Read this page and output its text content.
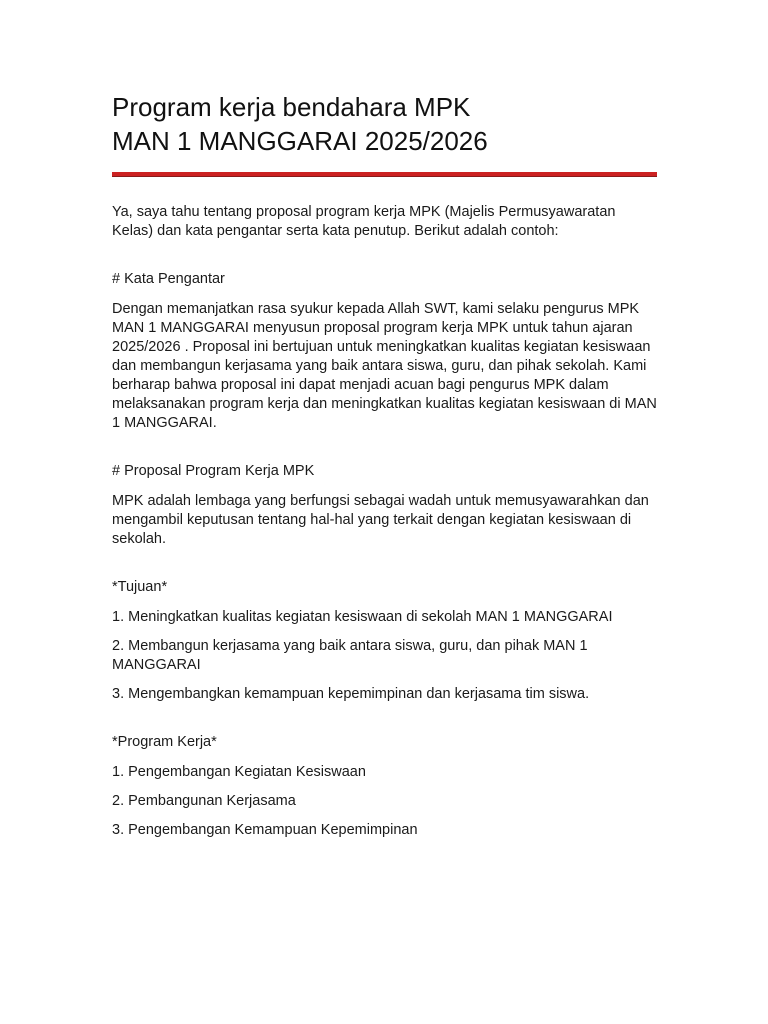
Program kerja bendahara MPK
MAN 1 MANGGARAI 2025/2026

Ya, saya tahu tentang proposal program kerja MPK (Majelis Permusyawaratan Kelas) dan kata pengantar serta kata penutup. Berikut adalah contoh:

# Kata Pengantar

Dengan memanjatkan rasa syukur kepada Allah SWT, kami selaku pengurus MPK MAN 1 MANGGARAI menyusun proposal program kerja MPK untuk tahun ajaran 2025/2026 . Proposal ini bertujuan untuk meningkatkan kualitas kegiatan kesiswaan dan membangun kerjasama yang baik antara siswa, guru, dan pihak sekolah. Kami berharap bahwa proposal ini dapat menjadi acuan bagi pengurus MPK dalam melaksanakan program kerja dan meningkatkan kualitas kegiatan kesiswaan di MAN 1 MANGGARAI.

# Proposal Program Kerja MPK

MPK adalah lembaga yang berfungsi sebagai wadah untuk memusyawarahkan dan mengambil keputusan tentang hal-hal yang terkait dengan kegiatan kesiswaan di sekolah.

*Tujuan*

1. Meningkatkan kualitas kegiatan kesiswaan di sekolah MAN 1 MANGGARAI

2. Membangun kerjasama yang baik antara siswa, guru, dan pihak MAN 1 MANGGARAI

3. Mengembangkan kemampuan kepemimpinan dan kerjasama tim siswa.

*Program Kerja*

1. Pengembangan Kegiatan Kesiswaan

2. Pembangunan Kerjasama

3. Pengembangan Kemampuan Kepemimpinan
